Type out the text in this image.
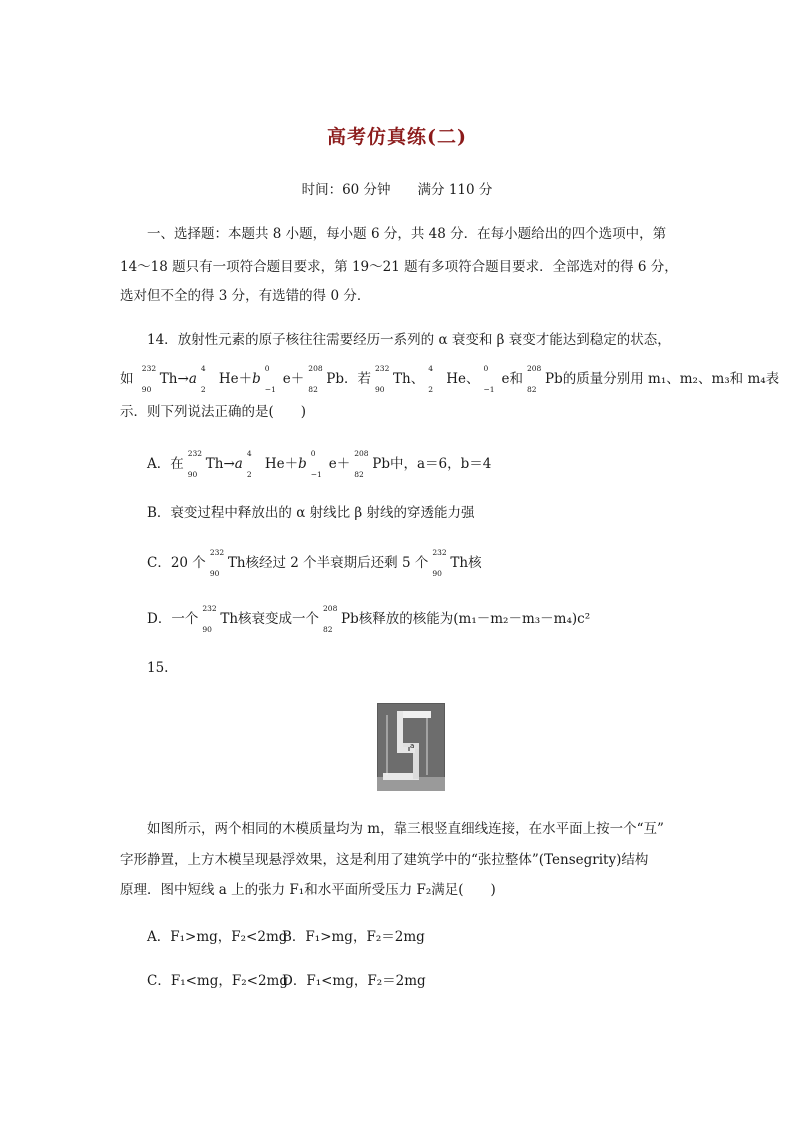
高考仿真练(二)
时间：60 分钟　　满分 110 分
一、选择题：本题共 8 小题，每小题 6 分，共 48 分．在每小题给出的四个选项中，第
14～18 题只有一项符合题目要求，第 19～21 题有多项符合题目要求．全部选对的得 6 分，
选对但不全的得 3 分，有选错的得 0 分．
14．放射性元素的原子核往往需要经历一系列的 α 衰变和 β 衰变才能达到稳定的状态，
如
232
90
Th→a
4
2
He＋b
0
−1
e＋
208
82
Pb．若
232
90
Th、
4
2
He、
0
−1
e和
208
82
Pb的质量分别用 m₁、m₂、m₃和 m₄表
示．则下列说法正确的是(　　)
A．在
232
90
Th→a
4
2
He＋b
0
−1
e＋
208
82
Pb中，a＝6，b＝4
B．衰变过程中释放出的 α 射线比 β 射线的穿透能力强
C．20 个
232
90
Th核经过 2 个半衰期后还剩 5 个
232
90
Th核
D．一个
232
90
Th核衰变成一个
208
82
Pb核释放的核能为(m₁－m₂－m₃－m₄)c²
15.
a
如图所示，两个相同的木模质量均为 m，靠三根竖直细线连接，在水平面上按一个“互”
字形静置，上方木模呈现悬浮效果，这是利用了建筑学中的“张拉整体”(Tensegrity)结构
原理．图中短线 a 上的张力 F₁和水平面所受压力 F₂满足(　　)
A．F₁>mg，F₂<2mg
B．F₁>mg，F₂＝2mg
C．F₁<mg，F₂<2mg
D．F₁<mg，F₂＝2mg
